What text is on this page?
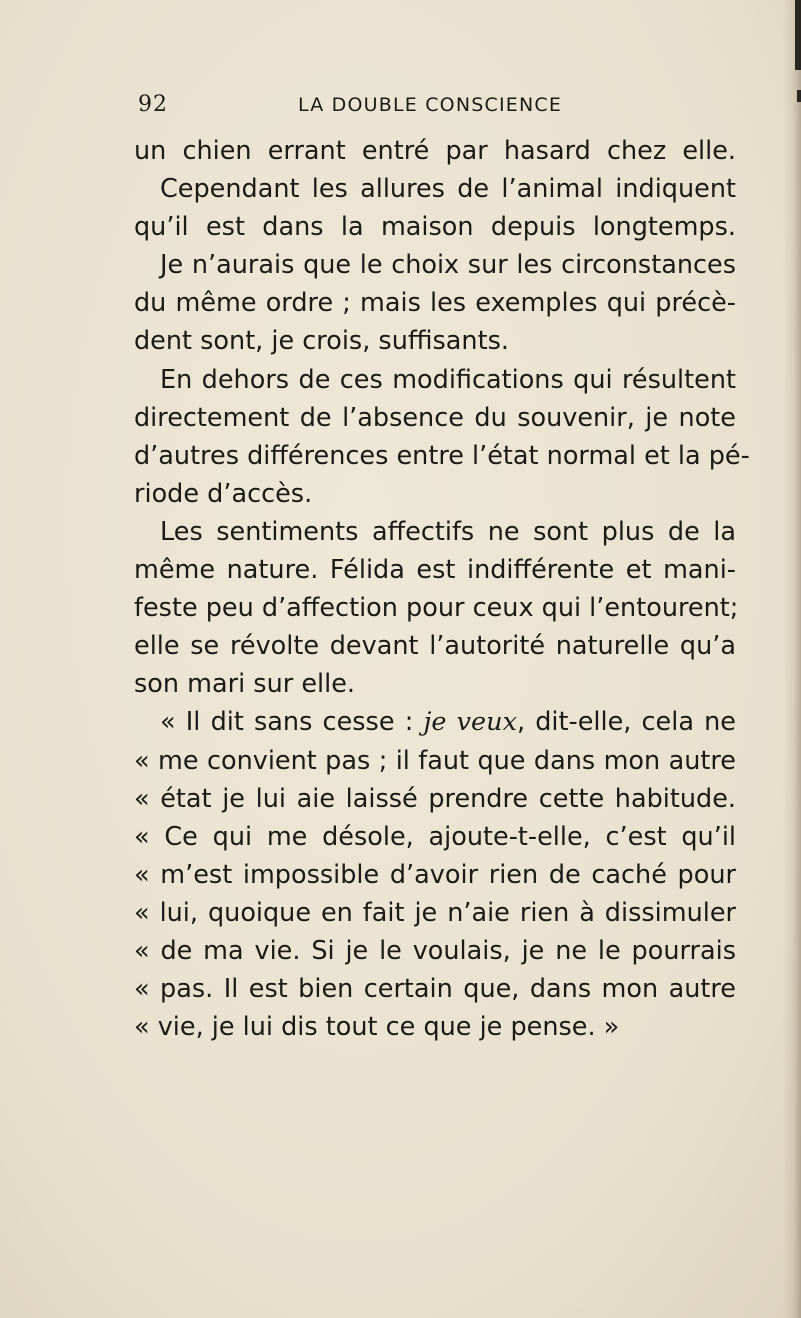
92	LA DOUBLE CONSCIENCE
un chien errant entré par hasard chez elle.
Cependant les allures de l’animal indiquent
qu’il est dans la maison depuis longtemps.
Je n’aurais que le choix sur les circonstances
du même ordre ; mais les exemples qui précè-
dent sont, je crois, suffisants.
En dehors de ces modifications qui résultent
directement de l’absence du souvenir, je note
d’autres différences entre l’état normal et la pé-
riode d’accès.
Les sentiments affectifs ne sont plus de la
même nature. Félida est indifférente et mani-
feste peu d’affection pour ceux qui l’entourent;
elle se révolte devant l’autorité naturelle qu’a
son mari sur elle.
« Il dit sans cesse : je veux, dit-elle, cela ne
« me convient pas ; il faut que dans mon autre
« état je lui aie laissé prendre cette habitude.
« Ce qui me désole, ajoute-t-elle, c’est qu’il
« m’est impossible d’avoir rien de caché pour
« lui, quoique en fait je n’aie rien à dissimuler
« de ma vie. Si je le voulais, je ne le pourrais
« pas. Il est bien certain que, dans mon autre
« vie, je lui dis tout ce que je pense. »
